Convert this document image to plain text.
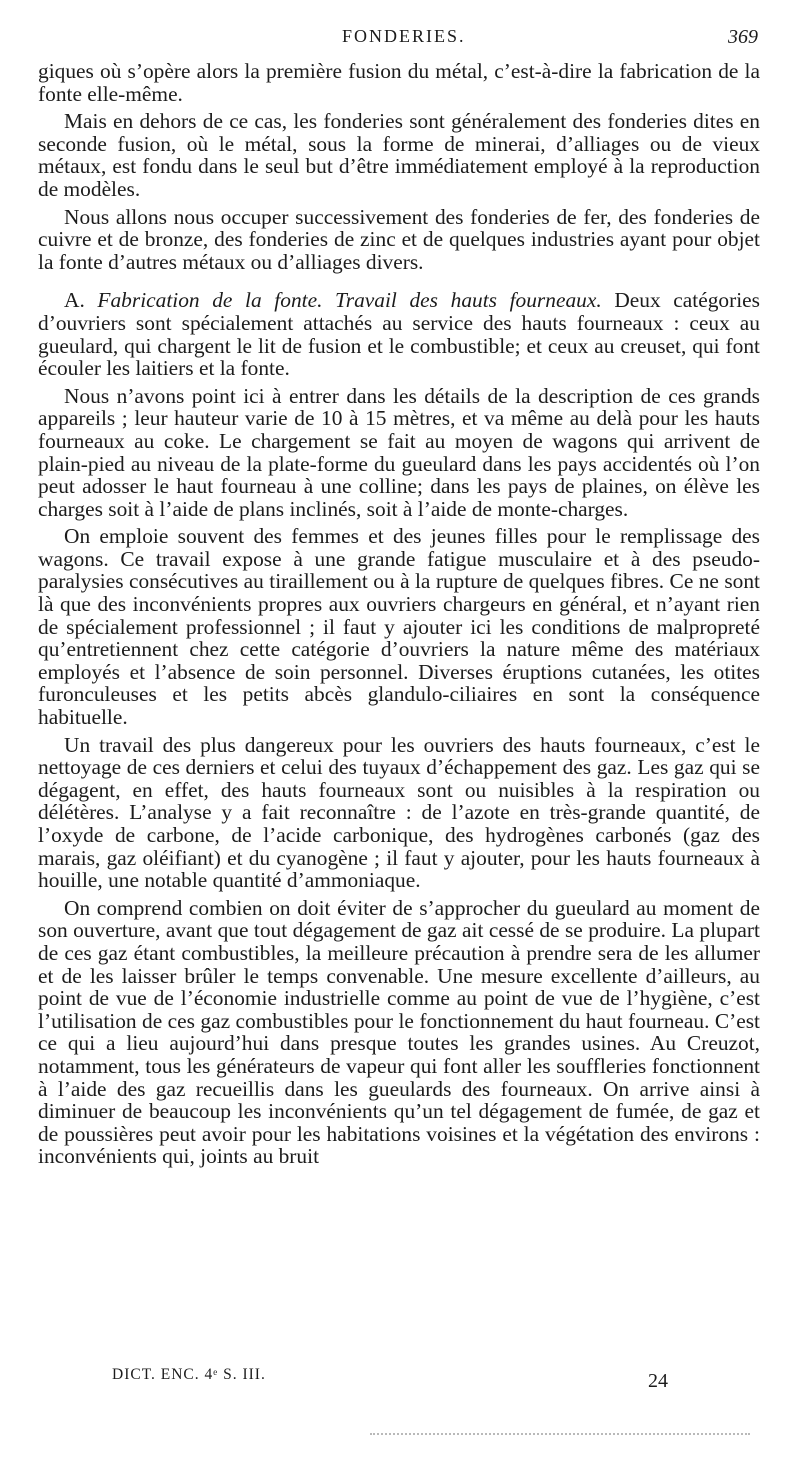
FONDERIES.	369

giques où s’opère alors la première fusion du métal, c’est-à-dire la fabrication de la fonte elle-même.

Mais en dehors de ce cas, les fonderies sont généralement des fonderies dites en seconde fusion, où le métal, sous la forme de minerai, d’alliages ou de vieux métaux, est fondu dans le seul but d’être immédiatement employé à la reproduction de modèles.

Nous allons nous occuper successivement des fonderies de fer, des fonderies de cuivre et de bronze, des fonderies de zinc et de quelques industries ayant pour objet la fonte d’autres métaux ou d’alliages divers.

A. Fabrication de la fonte. Travail des hauts fourneaux. Deux catégories d’ouvriers sont spécialement attachés au service des hauts fourneaux : ceux au gueulard, qui chargent le lit de fusion et le combustible; et ceux au creuset, qui font écouler les laitiers et la fonte.

Nous n’avons point ici à entrer dans les détails de la description de ces grands appareils ; leur hauteur varie de 10 à 15 mètres, et va même au delà pour les hauts fourneaux au coke. Le chargement se fait au moyen de wagons qui arrivent de plain-pied au niveau de la plate-forme du gueulard dans les pays accidentés où l’on peut adosser le haut fourneau à une colline; dans les pays de plaines, on élève les charges soit à l’aide de plans inclinés, soit à l’aide de monte-charges.

On emploie souvent des femmes et des jeunes filles pour le remplissage des wagons. Ce travail expose à une grande fatigue musculaire et à des pseudo-paralysies consécutives au tiraillement ou à la rupture de quelques fibres. Ce ne sont là que des inconvénients propres aux ouvriers chargeurs en général, et n’ayant rien de spécialement professionnel ; il faut y ajouter ici les conditions de malpropreté qu’entretiennent chez cette catégorie d’ouvriers la nature même des matériaux employés et l’absence de soin personnel. Diverses éruptions cutanées, les otites furonculeuses et les petits abcès glandulo-ciliaires en sont la conséquence habituelle.

Un travail des plus dangereux pour les ouvriers des hauts fourneaux, c’est le nettoyage de ces derniers et celui des tuyaux d’échappement des gaz. Les gaz qui se dégagent, en effet, des hauts fourneaux sont ou nuisibles à la respiration ou délétères. L’analyse y a fait reconnaître : de l’azote en très-grande quantité, de l’oxyde de carbone, de l’acide carbonique, des hydrogènes carbonés (gaz des marais, gaz oléifiant) et du cyanogène ; il faut y ajouter, pour les hauts fourneaux à houille, une notable quantité d’ammoniaque.

On comprend combien on doit éviter de s’approcher du gueulard au moment de son ouverture, avant que tout dégagement de gaz ait cessé de se produire. La plupart de ces gaz étant combustibles, la meilleure précaution à prendre sera de les allumer et de les laisser brûler le temps convenable. Une mesure excellente d’ailleurs, au point de vue de l’économie industrielle comme au point de vue de l’hygiène, c’est l’utilisation de ces gaz combustibles pour le fonctionnement du haut fourneau. C’est ce qui a lieu aujourd’hui dans presque toutes les grandes usines. Au Creuzot, notamment, tous les générateurs de vapeur qui font aller les souffleries fonctionnent à l’aide des gaz recueillis dans les gueulards des fourneaux. On arrive ainsi à diminuer de beaucoup les inconvénients qu’un tel dégagement de fumée, de gaz et de poussières peut avoir pour les habitations voisines et la végétation des environs : inconvénients qui, joints au bruit

DICT. ENC. 4ᵉ S. III.	24
